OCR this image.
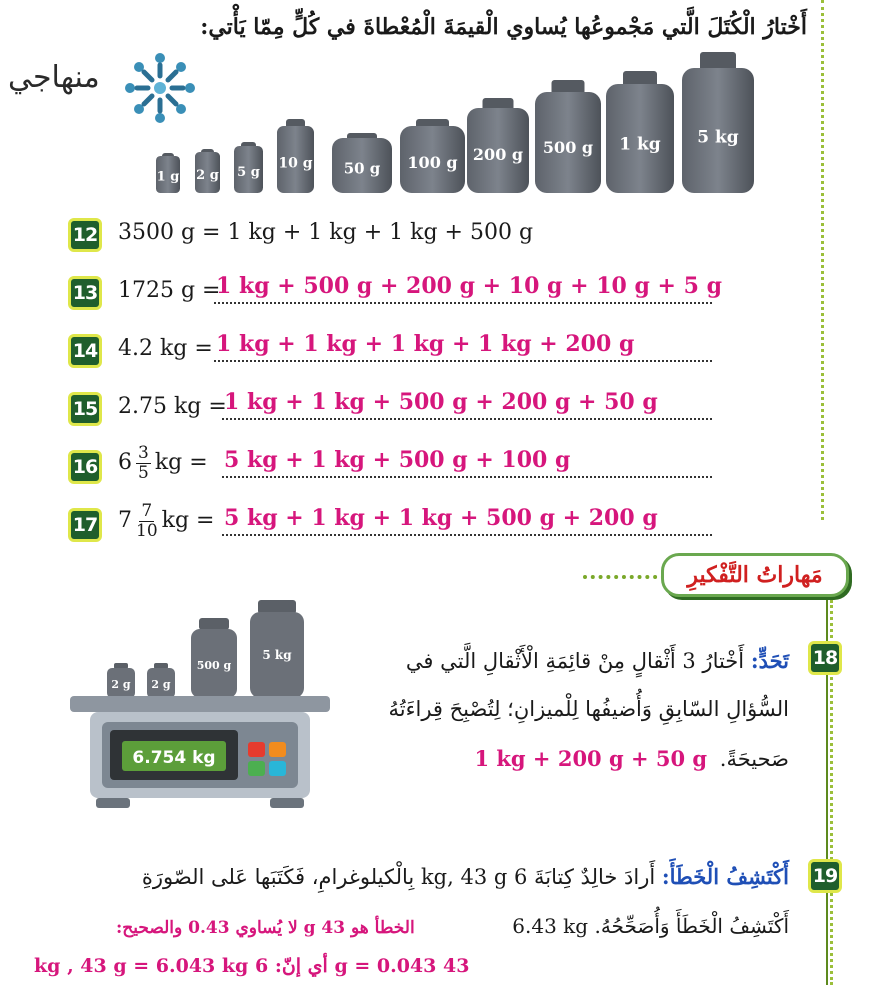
أَخْتارُ الْكُتَلَ الَّتي مَجْموعُها يُساوي الْقيمَةَ الْمُعْطاةَ في كُلٍّ مِمّا يَأْتي:
منهاجي
1 g 2 g 5 g
10 g 50 g 100 g 200 g 500 g 1 kg 5 kg
12 3500 g = 1 kg + 1 kg + 1 kg + 500 g
13 1725 g =
1 kg + 500 g + 200 g + 10 g + 10 g + 5 g
14 4.2 kg = 1 kg + 1 kg + 1 kg + 1 kg + 200 g
15 2.75 kg =
1 kg + 1 kg + 500 g + 200 g + 50 g
16 $6 \frac{3}{5}$ kg = 5 kg + 1 kg + 500 g + 100 g
17 $7 \frac{7}{10}$ kg = 5 kg + 1 kg + 1 kg + 500 g + 200 g
مَهاراتُ التَّفْكيرِ
2 g 2 g
500 g
5 kg
6.754 kg
18
تَحَدٍّ: أَخْتارُ 3 أَثْقالٍ مِنْ قائِمَةِ الْأَثْقالِ الَّتي في
السُّؤالِ السّابِقِ وَأُضيفُها لِلْميزانِ؛ لِتُصْبِحَ قِراءَتُهُ
صَحيحَةً. 1 kg + 200 g + 50 g
19
أَكْتَشِفُ الْخَطَأَ: أَرادَ خالِدٌ كِتابَةَ 6 kg, 43 g بِالْكيلوغرامِ، فَكَتَبَها عَلى الصّورَةِ
أَكْتَشِفُ الْخَطَأَ وَأُصَحِّحُهُ. 6.43 kg
الخطأ هو 43 g لا يُساوي 0.43 والصحيح:
43 g = 0.043 أي إنّ: 6 kg , 43 g = 6.043 kg
